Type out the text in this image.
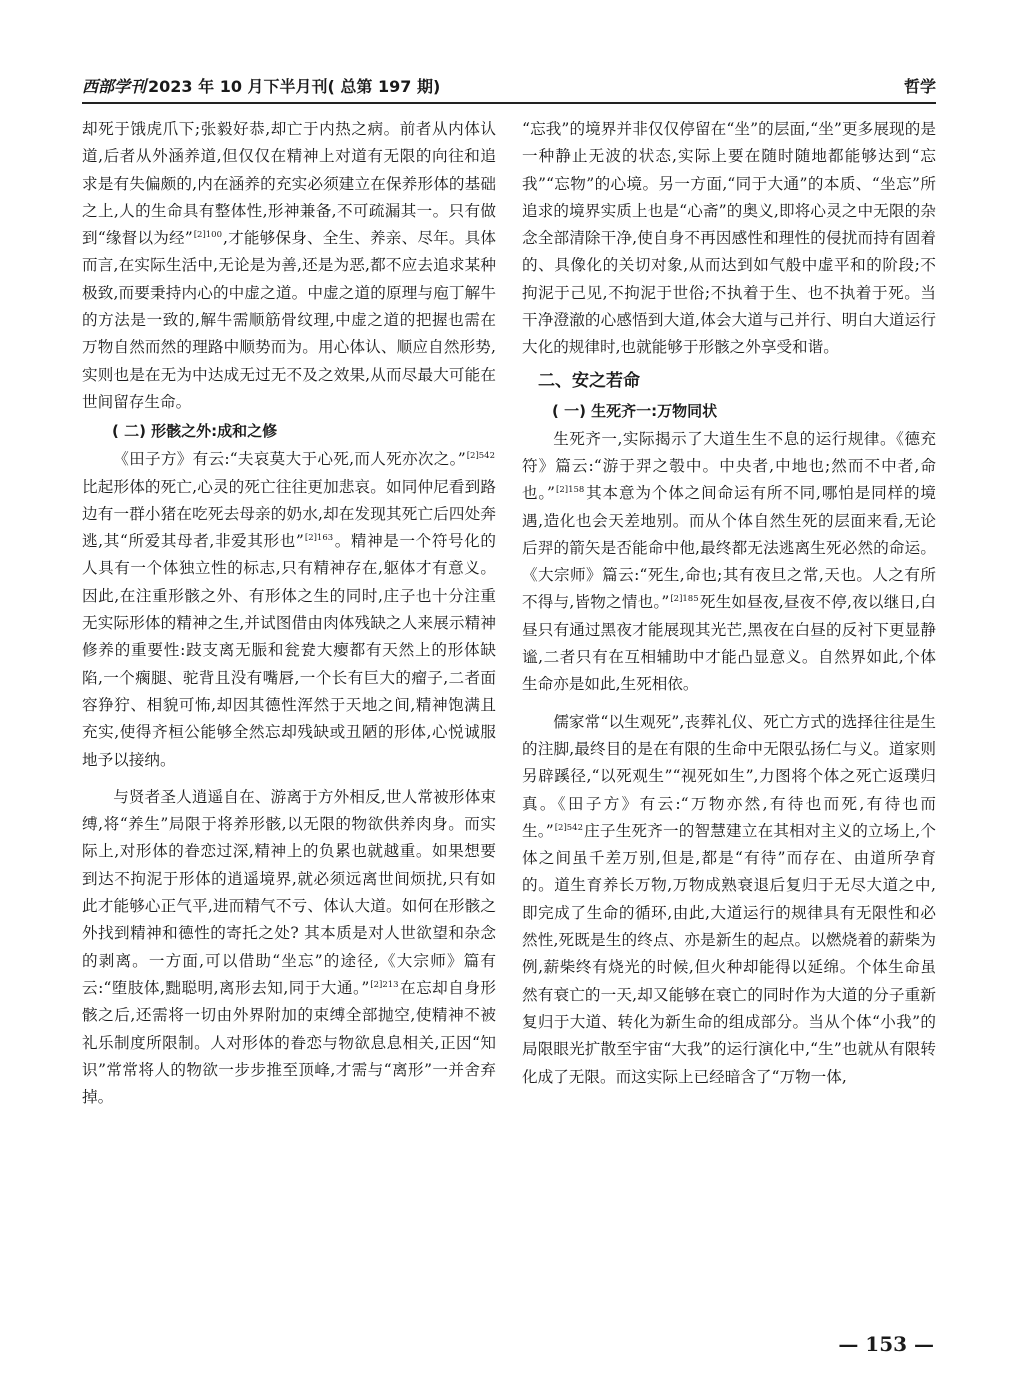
西部学刊 2023 年 10 月下半月刊( 总第 197 期)	哲学

却死于饿虎爪下;张毅好恭,却亡于内热之病。前者从内体认道,后者从外涵养道,但仅仅在精神上对道有无限的向往和追求是有失偏颇的,内在涵养的充实必须建立在保养形体的基础之上,人的生命具有整体性,形神兼备,不可疏漏其一。只有做到“缘督以为经”$^{[2]100}$,才能够保身、全生、养亲、尽年。具体而言,在实际生活中,无论是为善,还是为恶,都不应去追求某种极致,而要秉持内心的中虚之道。中虚之道的原理与庖丁解牛的方法是一致的,解牛需顺筋骨纹理,中虚之道的把握也需在万物自然而然的理路中顺势而为。用心体认、顺应自然形势,实则也是在无为中达成无过无不及之效果,从而尽最大可能在世间留存生命。

( 二) 形骸之外:成和之修

《田子方》有云:“夫哀莫大于心死,而人死亦次之。”$^{[2]542}$比起形体的死亡,心灵的死亡往往更加悲哀。如同仲尼看到路边有一群小猪在吃死去母亲的奶水,却在发现其死亡后四处奔逃,其“所爱其母者,非爱其形也”$^{[2]163}$。精神是一个符号化的人具有一个体独立性的标志,只有精神存在,躯体才有意义。因此,在注重形骸之外、有形体之生的同时,庄子也十分注重无实际形体的精神之生,并试图借由肉体残缺之人来展示精神修养的重要性:跂支离无脤和瓮㼜大瘿都有天然上的形体缺陷,一个瘸腿、驼背且没有嘴唇,一个长有巨大的瘤子,二者面容狰狞、相貌可怖,却因其德性浑然于天地之间,精神饱满且充实,使得齐桓公能够全然忘却残缺或丑陋的形体,心悦诚服地予以接纳。

与贤者圣人逍遥自在、游离于方外相反,世人常被形体束缚,将“养生”局限于将养形骸,以无限的物欲供养肉身。而实际上,对形体的眷恋过深,精神上的负累也就越重。如果想要到达不拘泥于形体的逍遥境界,就必须远离世间烦扰,只有如此才能够心正气平,进而精气不亏、体认大道。如何在形骸之外找到精神和德性的寄托之处? 其本质是对人世欲望和杂念的剥离。一方面,可以借助“坐忘”的途径,《大宗师》篇有云:“堕肢体,黜聪明,离形去知,同于大通。”$^{[2]213}$在忘却自身形骸之后,还需将一切由外界附加的束缚全部抛空,使精神不被礼乐制度所限制。人对形体的眷恋与物欲息息相关,正因“知识”常常将人的物欲一步步推至顶峰,才需与“离形”一并舍弃掉。

“忘我”的境界并非仅仅停留在“坐”的层面,“坐”更多展现的是一种静止无波的状态,实际上要在随时随地都能够达到“忘我”“忘物”的心境。另一方面,“同于大通”的本质、“坐忘”所追求的境界实质上也是“心斋”的奥义,即将心灵之中无限的杂念全部清除干净,使自身不再因感性和理性的侵扰而持有固着的、具像化的关切对象,从而达到如气般中虚平和的阶段;不拘泥于己见,不拘泥于世俗;不执着于生、也不执着于死。当干净澄澈的心感悟到大道,体会大道与己并行、明白大道运行大化的规律时,也就能够于形骸之外享受和谐。

二、安之若命
( 一) 生死齐一:万物同状

生死齐一,实际揭示了大道生生不息的运行规律。《德充符》篇云:“游于羿之彀中。中央者,中地也;然而不中者,命也。”$^{[2]158}$其本意为个体之间命运有所不同,哪怕是同样的境遇,造化也会天差地别。而从个体自然生死的层面来看,无论后羿的箭矢是否能命中他,最终都无法逃离生死必然的命运。《大宗师》篇云:“死生,命也;其有夜旦之常,天也。人之有所不得与,皆物之情也。”$^{[2]185}$死生如昼夜,昼夜不停,夜以继日,白昼只有通过黑夜才能展现其光芒,黑夜在白昼的反衬下更显静谧,二者只有在互相辅助中才能凸显意义。自然界如此,个体生命亦是如此,生死相依。

儒家常“以生观死”,丧葬礼仪、死亡方式的选择往往是生的注脚,最终目的是在有限的生命中无限弘扬仁与义。道家则另辟蹊径,“以死观生”“视死如生”,力图将个体之死亡返璞归真。《田子方》有云:“万物亦然,有待也而死,有待也而生。”$^{[2]542}$庄子生死齐一的智慧建立在其相对主义的立场上,个体之间虽千差万别,但是,都是“有待”而存在、由道所孕育的。道生育养长万物,万物成熟衰退后复归于无尽大道之中,即完成了生命的循环,由此,大道运行的规律具有无限性和必然性,死既是生的终点、亦是新生的起点。以燃烧着的薪柴为例,薪柴终有烧光的时候,但火种却能得以延绵。个体生命虽然有衰亡的一天,却又能够在衰亡的同时作为大道的分子重新复归于大道、转化为新生命的组成部分。当从个体“小我”的局限眼光扩散至宇宙“大我”的运行演化中,“生”也就从有限转化成了无限。而这实际上已经暗含了“万物一体,

— 153 —
